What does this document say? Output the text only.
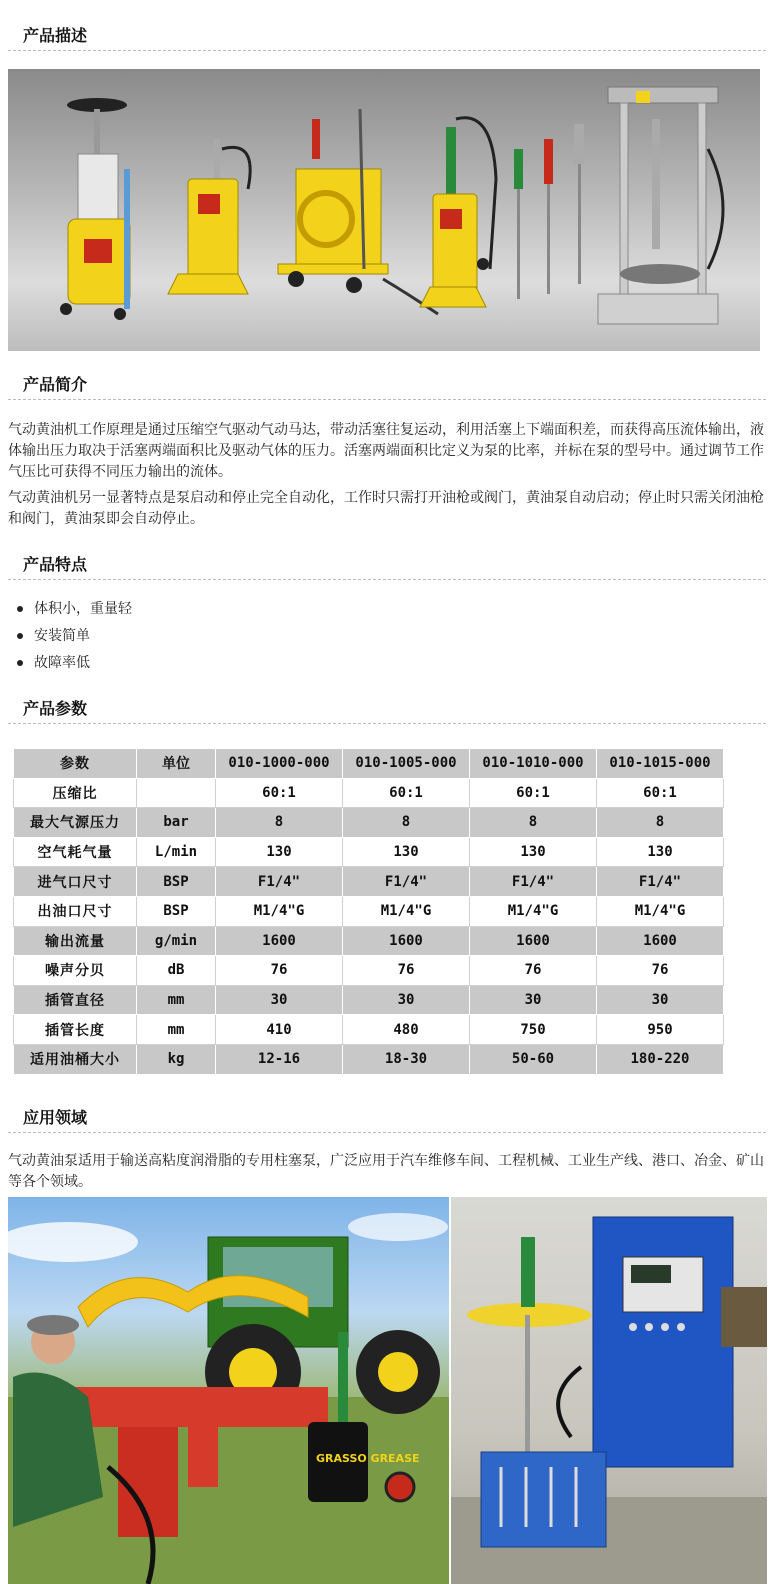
产品描述
产品简介

气动黄油机工作原理是通过压缩空气驱动气动马达，带动活塞往复运动，利用活塞上下端面积差，而获得高压流体输出，液体输出压力取决于活塞两端面积比及驱动气体的压力。活塞两端面积比定义为泵的比率，并标在泵的型号中。通过调节工作气压比可获得不同压力输出的流体。

气动黄油机另一显著特点是泵启动和停止完全自动化，工作时只需打开油枪或阀门，黄油泵自动启动；停止时只需关闭油枪和阀门，黄油泵即会自动停止。

产品特点
体积小，重量轻
安装简单
故障率低
产品参数
参数	单位	010-1000-000	010-1005-000	010-1010-000	010-1015-000
压缩比		60:1	60:1	60:1	60:1
最大气源压力	bar	8	8	8	8
空气耗气量	L/min	130	130	130	130
进气口尺寸	BSP	F1/4"	F1/4"	F1/4"	F1/4"
出油口尺寸	BSP	M1/4"G	M1/4"G	M1/4"G	M1/4"G
输出流量	g/min	1600	1600	1600	1600
噪声分贝	dB	76	76	76	76
插管直径	mm	30	30	30	30
插管长度	mm	410	480	750	950
适用油桶大小	kg	12-16	18-30	50-60	180-220
应用领域

气动黄油泵适用于输送高粘度润滑脂的专用柱塞泵，广泛应用于汽车维修车间、工程机械、工业生产线、港口、冶金、矿山等各个领域。

GRASSO GREASE
